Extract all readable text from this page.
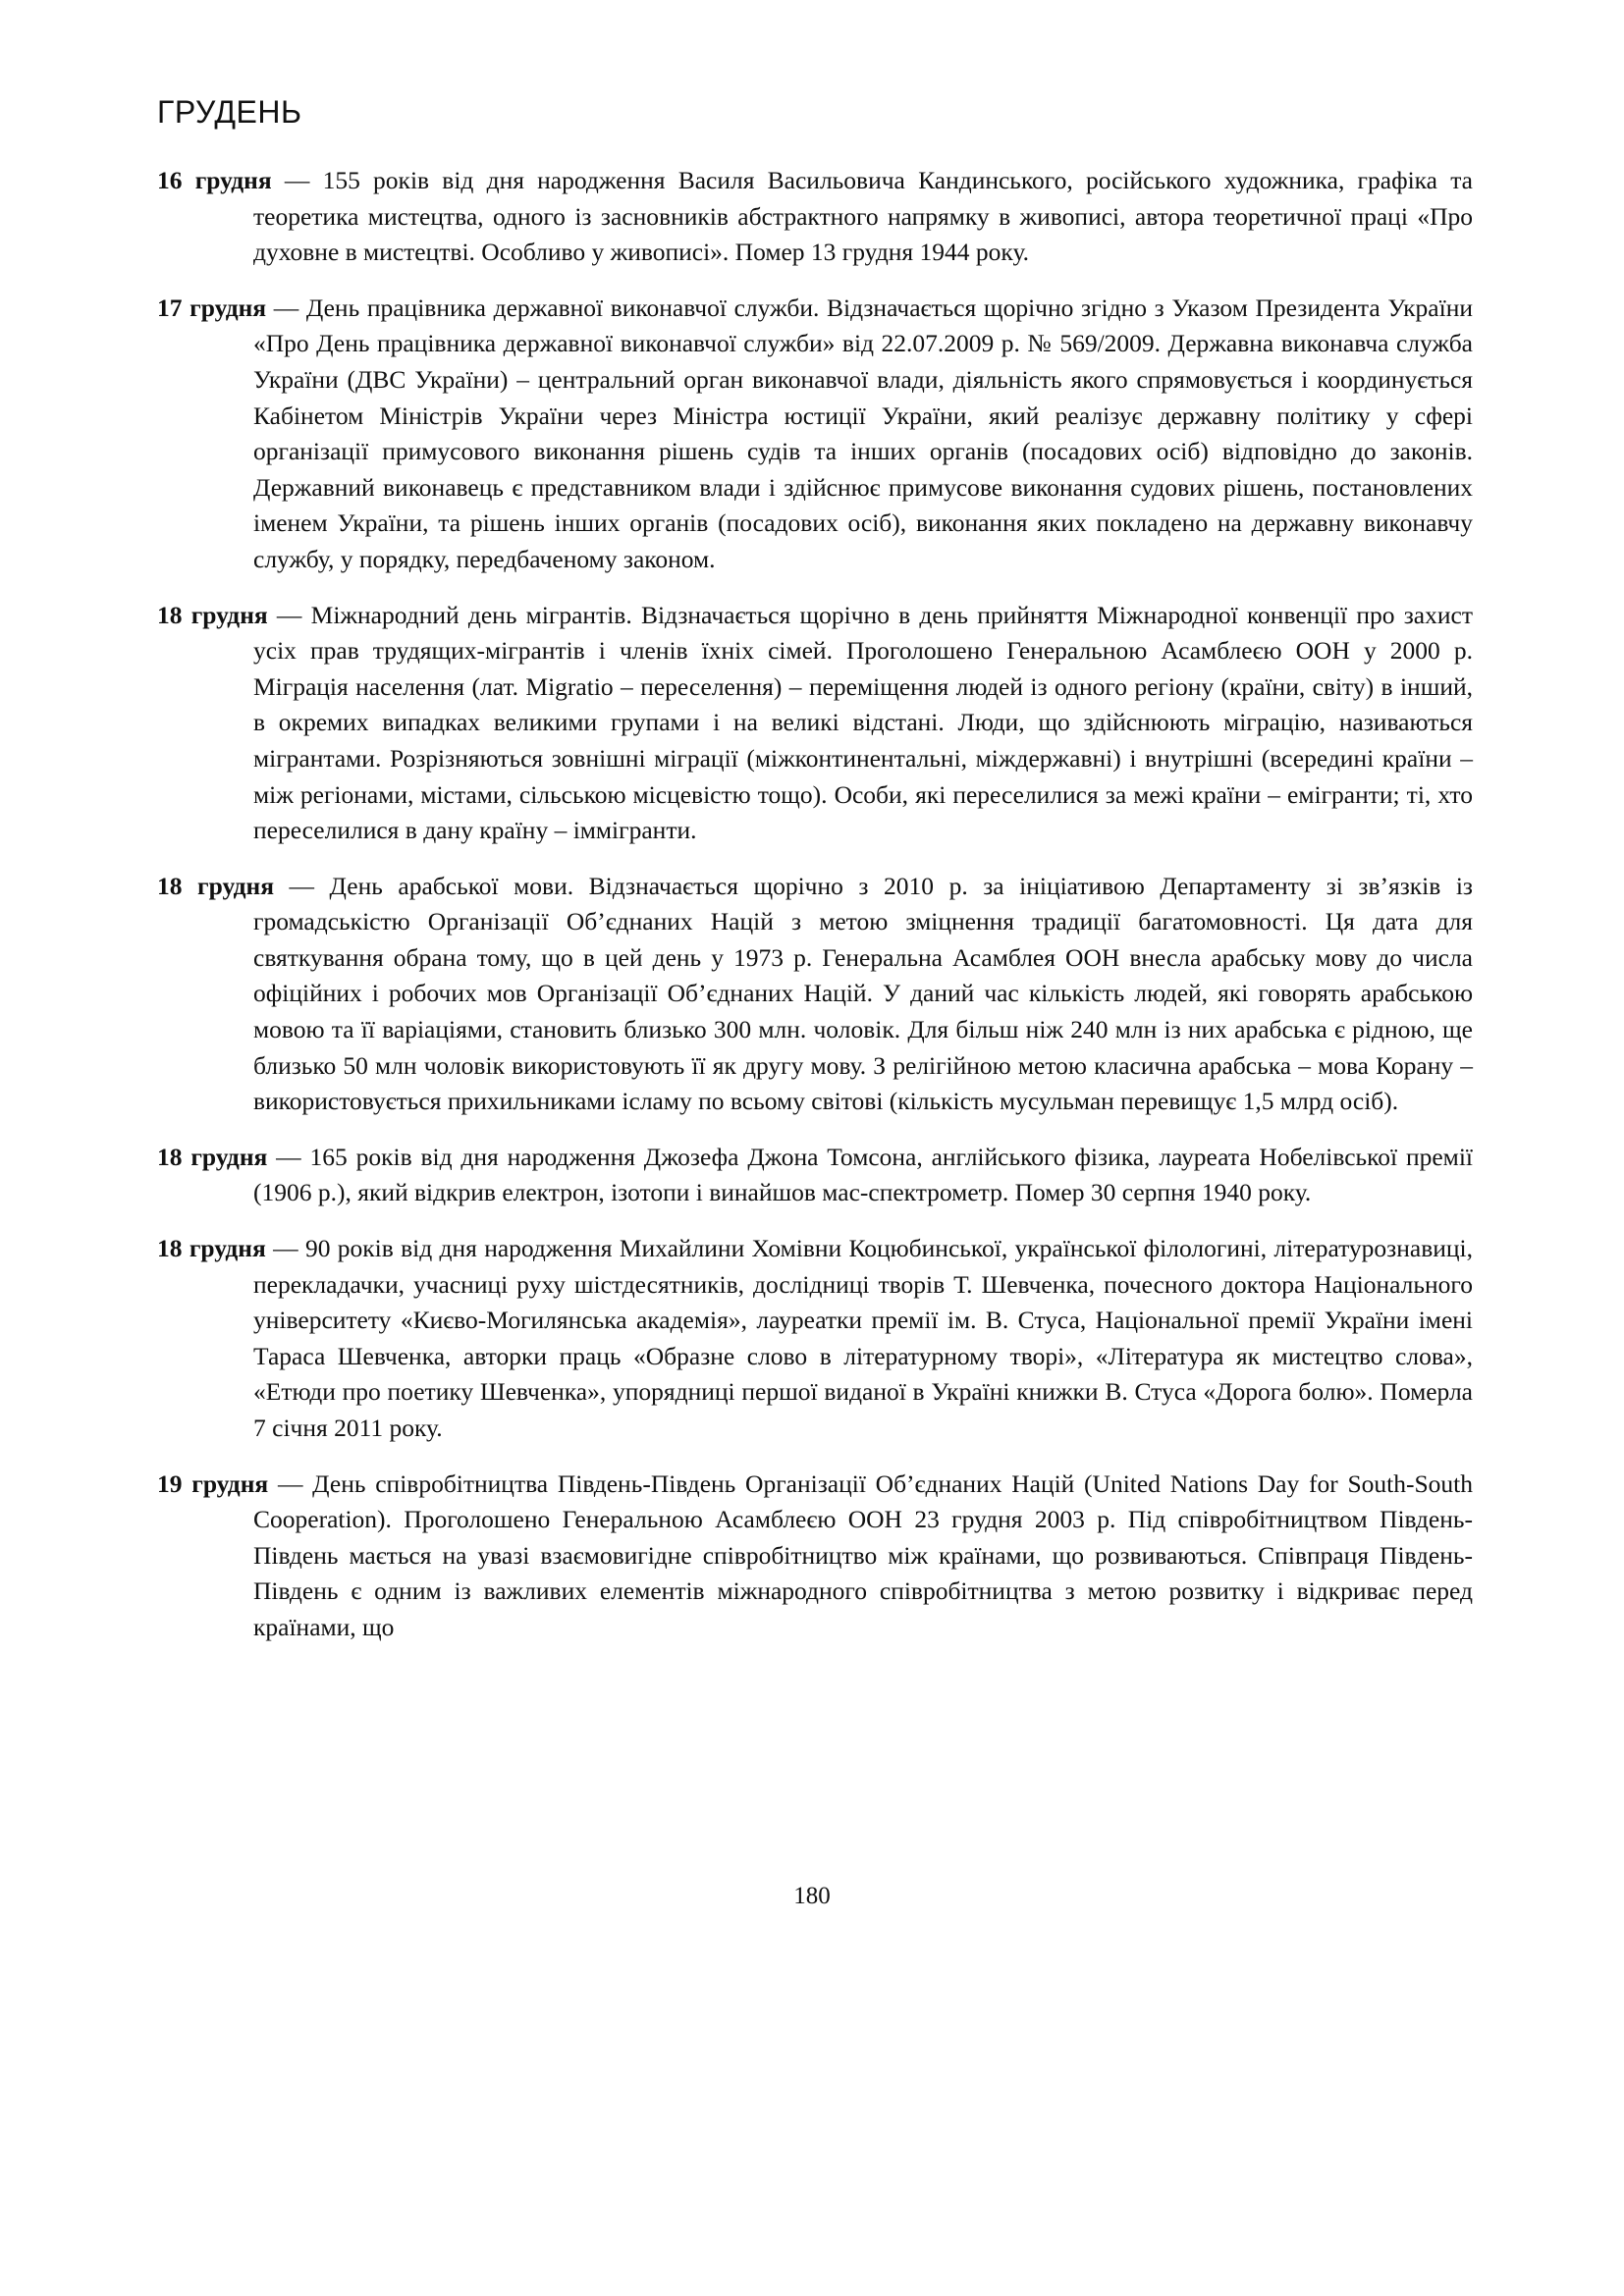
ГРУДЕНЬ

16 грудня — 155 років від дня народження Василя Васильовича Кандинського, російського художника, графіка та теоретика мистецтва, одного із засновників абстрактного напрямку в живописі, автора теоретичної праці «Про духовне в мистецтві. Особливо у живописі». Помер 13 грудня 1944 року.

17 грудня — День працівника державної виконавчої служби. Відзначається щорічно згідно з Указом Президента України «Про День працівника державної виконавчої служби» від 22.07.2009 р. № 569/2009. Державна виконавча служба України (ДВС України) – центральний орган виконавчої влади, діяльність якого спрямовується і координується Кабінетом Міністрів України через Міністра юстиції України, який реалізує державну політику у сфері організації примусового виконання рішень судів та інших органів (посадових осіб) відповідно до законів. Державний виконавець є представником влади і здійснює примусове виконання судових рішень, постановлених іменем України, та рішень інших органів (посадових осіб), виконання яких покладено на державну виконавчу службу, у порядку, передбаченому законом.

18 грудня — Міжнародний день мігрантів. Відзначається щорічно в день прийняття Міжнародної конвенції про захист усіх прав трудящих-мігрантів і членів їхніх сімей. Проголошено Генеральною Асамблеєю ООН у 2000 р. Міграція населення (лат. Migratio – переселення) – переміщення людей із одного регіону (країни, світу) в інший, в окремих випадках великими групами і на великі відстані. Люди, що здійснюють міграцію, називаються мігрантами. Розрізняються зовнішні міграції (міжконтинентальні, міждержавні) і внутрішні (всередині країни – між регіонами, містами, сільською місцевістю тощо). Особи, які переселилися за межі країни – емігранти; ті, хто переселилися в дану країну – іммігранти.

18 грудня — День арабської мови. Відзначається щорічно з 2010 р. за ініціативою Департаменту зі зв’язків із громадськістю Організації Об’єднаних Націй з метою зміцнення традиції багатомовності. Ця дата для святкування обрана тому, що в цей день у 1973 р. Генеральна Асамблея ООН внесла арабську мову до числа офіційних і робочих мов Організації Об’єднаних Націй. У даний час кількість людей, які говорять арабською мовою та її варіаціями, становить близько 300 млн. чоловік. Для більш ніж 240 млн із них арабська є рідною, ще близько 50 млн чоловік використовують її як другу мову. З релігійною метою класична арабська – мова Корану – використовується прихильниками ісламу по всьому світові (кількість мусульман перевищує 1,5 млрд осіб).

18 грудня — 165 років від дня народження Джозефа Джона Томсона, англійського фізика, лауреата Нобелівської премії (1906 р.), який відкрив електрон, ізотопи і винайшов мас-спектрометр. Помер 30 серпня 1940 року.

18 грудня — 90 років від дня народження Михайлини Хомівни Коцюбинської, української філологині, літературознавиці, перекладачки, учасниці руху шістдесятників, дослідниці творів Т. Шевченка, почесного доктора Національного університету «Києво-Могилянська академія», лауреатки премії ім. В. Стуса, Національної премії України імені Тараса Шевченка, авторки праць «Образне слово в літературному творі», «Література як мистецтво слова», «Етюди про поетику Шевченка», упорядниці першої виданої в Україні книжки В. Стуса «Дорога болю». Померла 7 січня 2011 року.

19 грудня — День співробітництва Південь-Південь Організації Об’єднаних Націй (United Nations Day for South-South Cooperation). Проголошено Генеральною Асамблеєю ООН 23 грудня 2003 р. Під співробітництвом Південь-Південь мається на увазі взаємовигідне співробітництво між країнами, що розвиваються. Співпраця Південь-Південь є одним із важливих елементів міжнародного співробітництва з метою розвитку і відкриває перед країнами, що

180
